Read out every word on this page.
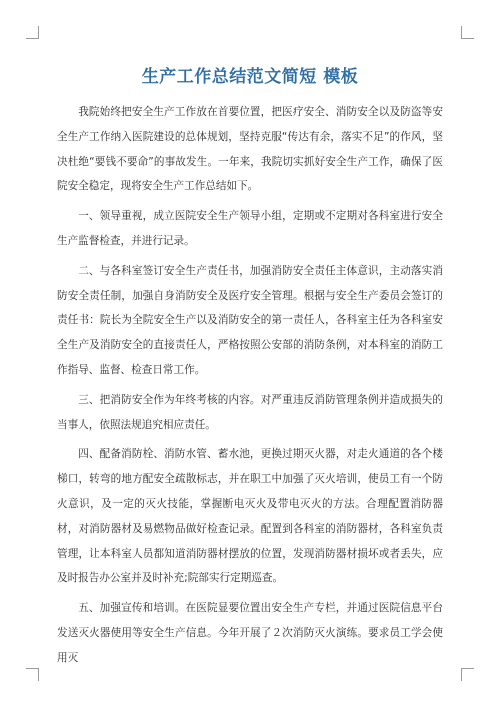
生产工作总结范文简短 模板

我院始终把安全生产工作放在首要位置，把医疗安全、消防安全以及防盗等安全生产工作纳入医院建设的总体规划，坚持克服“传达有余，落实不足”的作风，坚决杜绝“要钱不要命”的事故发生。一年来，我院切实抓好安全生产工作，确保了医院安全稳定，现将安全生产工作总结如下。

一、领导重视，成立医院安全生产领导小组，定期或不定期对各科室进行安全生产监督检查，并进行记录。

二、与各科室签订安全生产责任书，加强消防安全责任主体意识，主动落实消防安全责任制，加强自身消防安全及医疗安全管理。根据与安全生产委员会签订的责任书：院长为全院安全生产以及消防安全的第一责任人，各科室主任为各科室安全生产及消防安全的直接责任人，严格按照公安部的消防条例，对本科室的消防工作指导、监督、检查日常工作。

三、把消防安全作为年终考核的内容。对严重违反消防管理条例并造成损失的当事人，依照法规追究相应责任。

四、配备消防栓、消防水管、蓄水池，更换过期灭火器，对走火通道的各个楼梯口，转弯的地方配安全疏散标志，并在职工中加强了灭火培训，使员工有一个防火意识，及一定的灭火技能，掌握断电灭火及带电灭火的方法。合理配置消防器材，对消防器材及易燃物品做好检查记录。配置到各科室的消防器材，各科室负责管理，让本科室人员都知道消防器材摆放的位置，发现消防器材损坏或者丢失，应及时报告办公室并及时补充;院部实行定期巡查。

五、加强宣传和培训。在医院显要位置出安全生产专栏，并通过医院信息平台发送灭火器使用等安全生产信息。今年开展了２次消防灭火演练。要求员工学会使用灭
